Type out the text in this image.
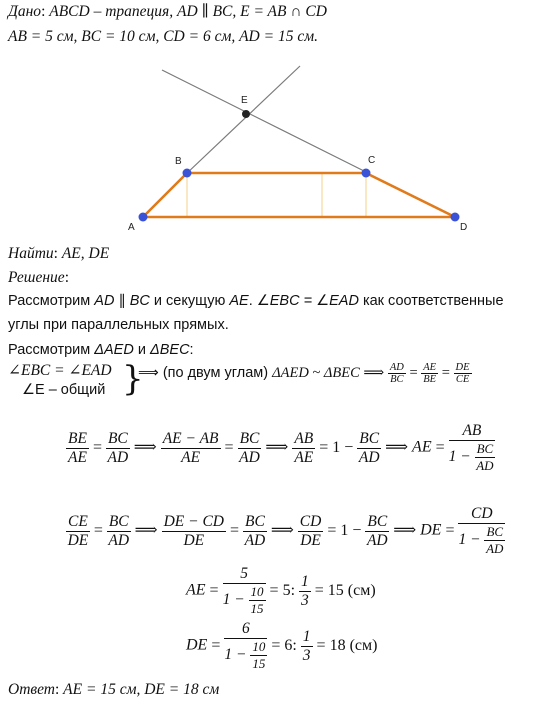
Дано: ABCD – трапеция, AD ∥ BC, E = AB ∩ CD
AB = 5 см, BC = 10 см, CD = 6 см, AD = 15 см.
A
B	C
D
E
Найти: AE, DE
Решение:
Рассмотрим AD ∥ BC и секущую AE. ∠EBC = ∠EAD как соответственные
углы при параллельных прямых.
Рассмотрим ΔAED и ΔBEC:
∠EBC = ∠EAD
∠E – общий }
⟹ (по двум углам) ΔAED ~ ΔBEC ⟹ $\frac{AD}{BC} = \frac{AE}{BE} = \frac{DE}{CE}$
$\frac{BE}{AE} = \frac{BC}{AD}$ ⟹ $\frac{AE - AB}{AE} = \frac{BC}{AD}$ ⟹ $\frac{AB}{AE} = 1 - \frac{BC}{AD}$ ⟹ AE = $\frac{AB}{1 - \frac{BC}{AD}}$
$\frac{CE}{DE} = \frac{BC}{AD}$ ⟹ $\frac{DE - CD}{DE} = \frac{BC}{AD}$ ⟹ $\frac{CD}{DE} = 1 - \frac{BC}{AD}$ ⟹ DE = $\frac{CD}{1 - \frac{BC}{AD}}$
AE = $\frac{5}{1 - \frac{10}{15}} = 5$: $\frac{1}{3} = 15$ (см)
DE = $\frac{6}{1 - \frac{10}{15}} = 6$: $\frac{1}{3} = 18$ (см)
Ответ: AE = 15 см, DE = 18 см
